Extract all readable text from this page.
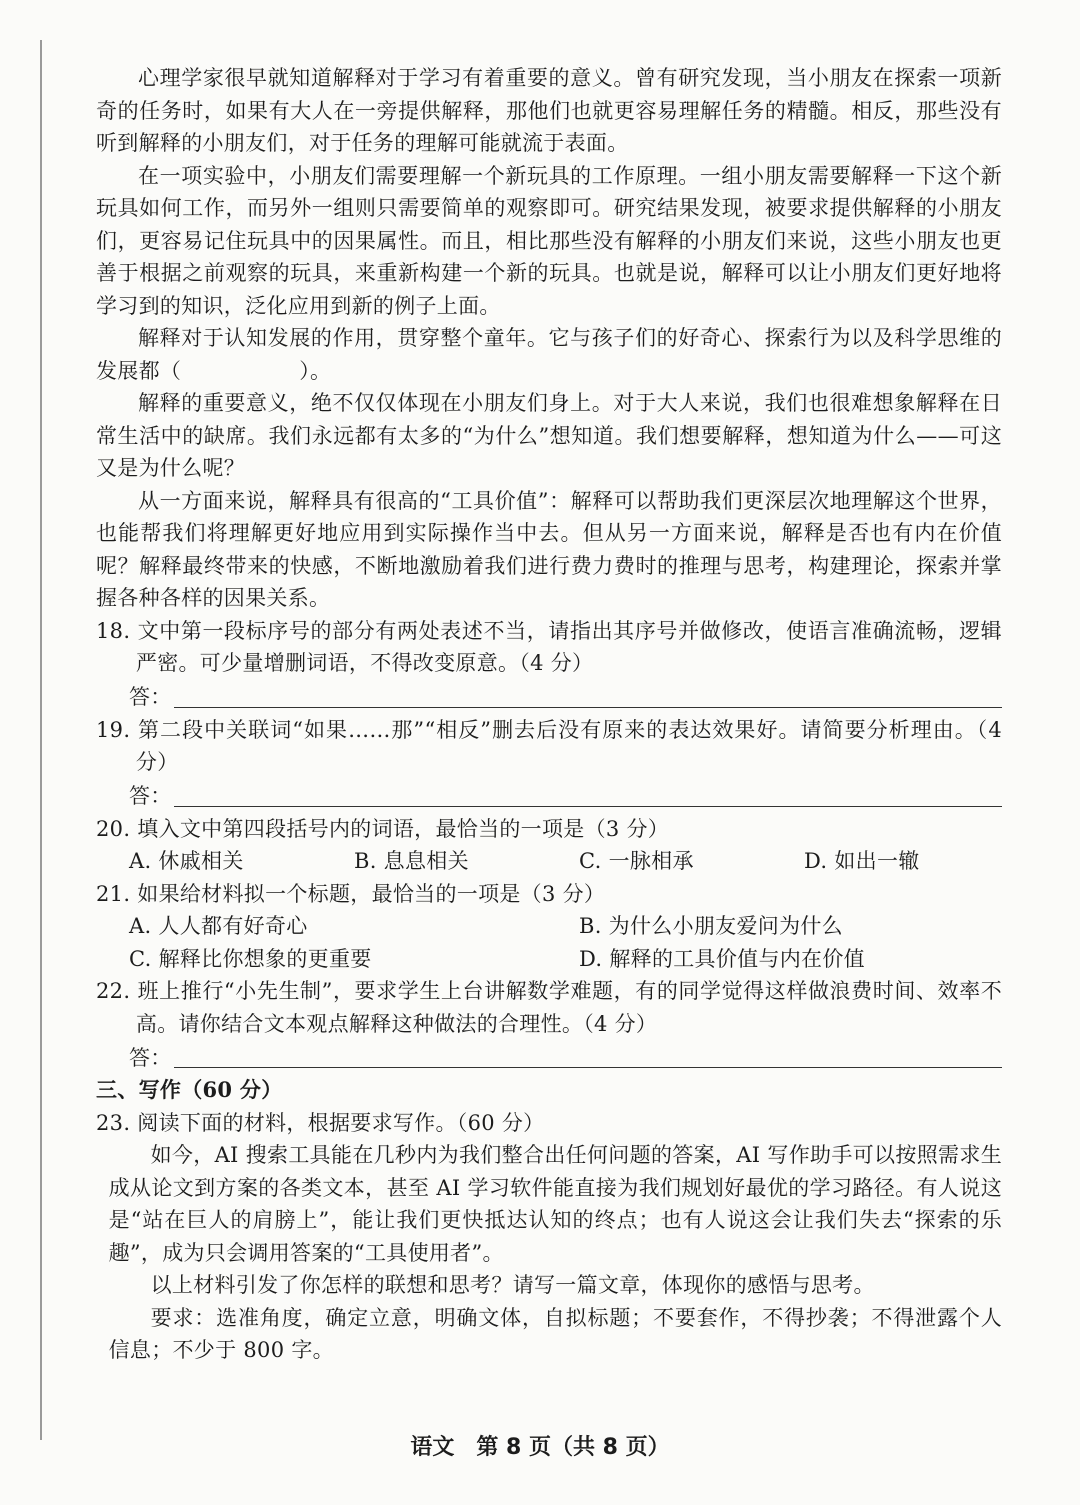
心理学家很早就知道解释对于学习有着重要的意义。曾有研究发现，当小朋友在探索一项新奇的任务时，如果有大人在一旁提供解释，那他们也就更容易理解任务的精髓。相反，那些没有听到解释的小朋友们，对于任务的理解可能就流于表面。

在一项实验中，小朋友们需要理解一个新玩具的工作原理。一组小朋友需要解释一下这个新玩具如何工作，而另外一组则只需要简单的观察即可。研究结果发现，被要求提供解释的小朋友们，更容易记住玩具中的因果属性。而且，相比那些没有解释的小朋友们来说，这些小朋友也更善于根据之前观察的玩具，来重新构建一个新的玩具。也就是说，解释可以让小朋友们更好地将学习到的知识，泛化应用到新的例子上面。

解释对于认知发展的作用，贯穿整个童年。它与孩子们的好奇心、探索行为以及科学思维的发展都（	）。

解释的重要意义，绝不仅仅体现在小朋友们身上。对于大人来说，我们也很难想象解释在日常生活中的缺席。我们永远都有太多的“为什么”想知道。我们想要解释，想知道为什么——可这又是为什么呢？

从一方面来说，解释具有很高的“工具价值”：解释可以帮助我们更深层次地理解这个世界，也能帮我们将理解更好地应用到实际操作当中去。但从另一方面来说，解释是否也有内在价值呢？解释最终带来的快感，不断地激励着我们进行费力费时的推理与思考，构建理论，探索并掌握各种各样的因果关系。

18. 文中第一段标序号的部分有两处表述不当，请指出其序号并做修改，使语言准确流畅，逻辑严密。可少量增删词语，不得改变原意。（4 分）

答：

19. 第二段中关联词“如果……那”“相反”删去后没有原来的表达效果好。请简要分析理由。（4 分）

答：

20. 填入文中第四段括号内的词语，最恰当的一项是（3 分）

A. 休戚相关	B. 息息相关	C. 一脉相承	D. 如出一辙

21. 如果给材料拟一个标题，最恰当的一项是（3 分）

A. 人人都有好奇心	B. 为什么小朋友爱问为什么
C. 解释比你想象的更重要	D. 解释的工具价值与内在价值

22. 班上推行“小先生制”，要求学生上台讲解数学难题，有的同学觉得这样做浪费时间、效率不高。请你结合文本观点解释这种做法的合理性。（4 分）

答：

三、写作（60 分）

23. 阅读下面的材料，根据要求写作。（60 分）

如今，AI 搜索工具能在几秒内为我们整合出任何问题的答案，AI 写作助手可以按照需求生成从论文到方案的各类文本，甚至 AI 学习软件能直接为我们规划好最优的学习路径。有人说这是“站在巨人的肩膀上”，能让我们更快抵达认知的终点；也有人说这会让我们失去“探索的乐趣”，成为只会调用答案的“工具使用者”。

以上材料引发了你怎样的联想和思考？请写一篇文章，体现你的感悟与思考。

要求：选准角度，确定立意，明确文体，自拟标题；不要套作，不得抄袭；不得泄露个人信息；不少于 800 字。

语文　第 8 页（共 8 页）
